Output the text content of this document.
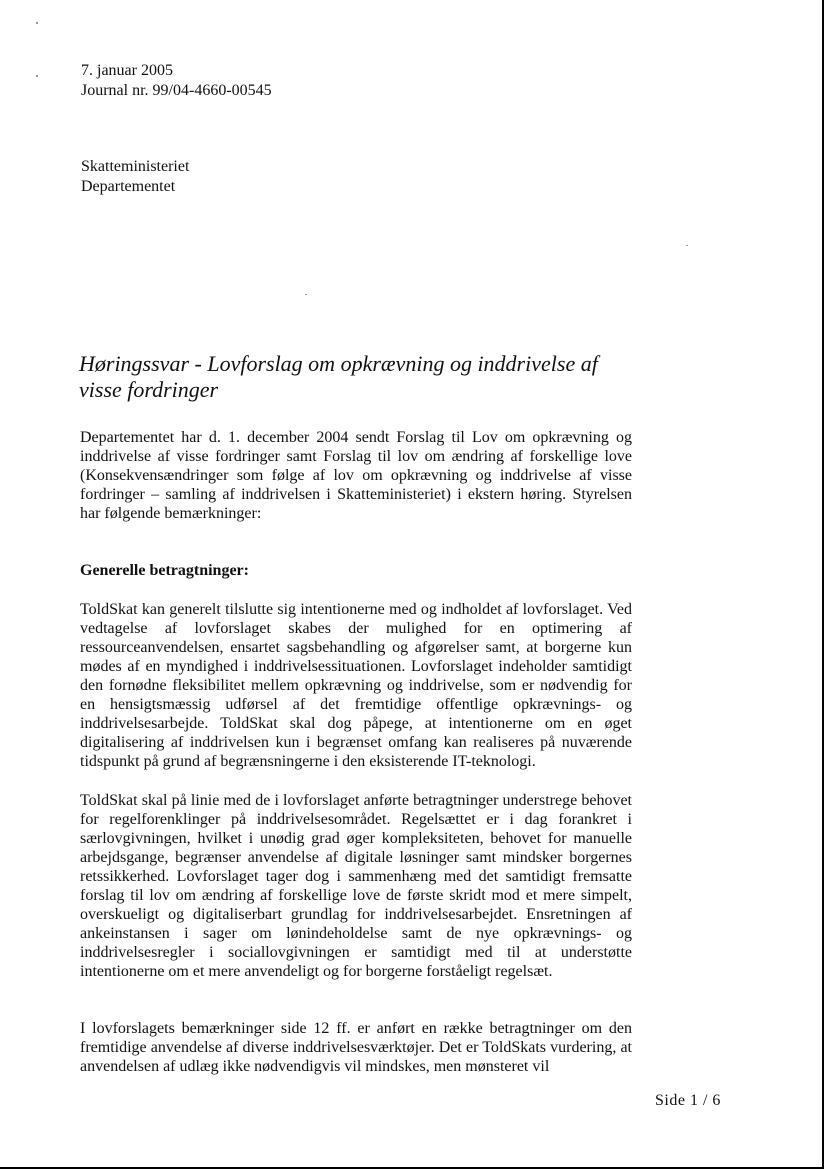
7. januar 2005
Journal nr. 99/04-4660-00545
Skatteministeriet
Departementet
Høringssvar - Lovforslag om opkrævning og inddrivelse af visse fordringer

Departementet har d. 1. december 2004 sendt Forslag til Lov om opkrævning og inddrivelse af visse fordringer samt Forslag til lov om ændring af forskellige love (Konsekvensændringer som følge af lov om opkrævning og inddrivelse af visse fordringer – samling af inddrivelsen i Skatteministeriet) i ekstern høring. Styrelsen har følgende bemærkninger:

Generelle betragtninger:

ToldSkat kan generelt tilslutte sig intentionerne med og indholdet af lovforslaget. Ved vedtagelse af lovforslaget skabes der mulighed for en optimering af ressourceanvendelsen, ensartet sagsbehandling og afgørelser samt, at borgerne kun mødes af en myndighed i inddrivelsessituationen. Lovforslaget indeholder samtidigt den fornødne fleksibilitet mellem opkrævning og inddrivelse, som er nødvendig for en hensigtsmæssig udførsel af det fremtidige offentlige opkrævnings- og inddrivelsesarbejde. ToldSkat skal dog påpege, at intentionerne om en øget digitalisering af inddrivelsen kun i begrænset omfang kan realiseres på nuværende tidspunkt på grund af begrænsningerne i den eksisterende IT-teknologi.

ToldSkat skal på linie med de i lovforslaget anførte betragtninger understrege behovet for regelforenklinger på inddrivelsesområdet. Regelsættet er i dag forankret i særlovgivningen, hvilket i unødig grad øger kompleksiteten, behovet for manuelle arbejdsgange, begrænser anvendelse af digitale løsninger samt mindsker borgernes retssikkerhed. Lovforslaget tager dog i sammenhæng med det samtidigt fremsatte forslag til lov om ændring af forskellige love de første skridt mod et mere simpelt, overskueligt og digitaliserbart grundlag for inddrivelsesarbejdet. Ensretningen af ankeinstansen i sager om lønindeholdelse samt de nye opkrævnings- og inddrivelsesregler i sociallovgivningen er samtidigt med til at understøtte intentionerne om et mere anvendeligt og for borgerne forståeligt regelsæt.

I lovforslagets bemærkninger side 12 ff. er anført en række betragtninger om den fremtidige anvendelse af diverse inddrivelsesværktøjer. Det er ToldSkats vurdering, at anvendelsen af udlæg ikke nødvendigvis vil mindskes, men mønsteret vil

Side 1 / 6
